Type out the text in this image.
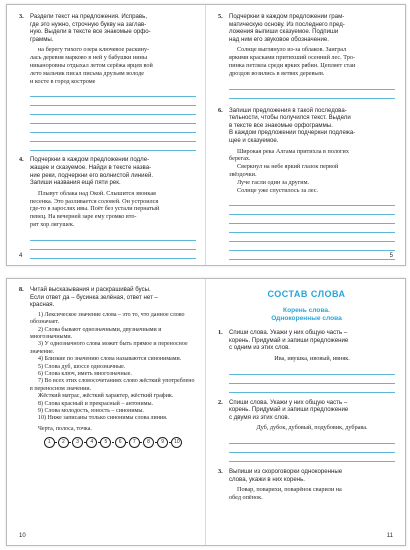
3.	Раздели текст на предложения. Исправь,
где это нужно, строчную букву на заглав-
ную. Выдели в тексте все знакомые орфо-
граммы.
на берегу тихого озера ключевое раскину-
лась деревня марково в ней у бабушки нины
никаноровны отдыхал летом серёжа ярцев вой
лето мальчик писал письма друзьям володе
и косте в город костроме
4.	Подчеркни в каждом предложении подле-
жащее и сказуемое. Найди в тексте назва-
ние реки, подчеркни его волнистой линией.
Запиши названия ещё пяти рек.
Плывут облака над Окой. Слышится звонкая
песенка. Это разливается соловей. Он устроился
где-то в зарослях ивы. Поёт без устали пернатый
певец. На вечерней заре ему громко вто-
рят хор лягушек.
4
5.	Подчеркни в каждом предложении грам-
матическую основу. Из последнего пред-
ложения выпиши сказуемое. Подпиши
над ним его звуковое обозначение.
Солнце выглянуло из-за облаков. Заиграл
яркими красками притихший осенний лес. Тро-
пинка петляла среди ярких рябин. Цепляет стаи
дроздов возились в ветвях деревьев.
6.	Запиши предложения в такой последова-
тельности, чтобы получился текст. Выдели
в тексте все знакомые орфограммы.
В каждом предложении подчеркни подлежа-
щее и сказуемое.
Широкая река Алгама притихла в пологих
берегах.
Сверкнул на небе яркий глазок первой
звёздочки.
Луче гасли один за другим.
Солнце уже спустилось за лес.
5
8.	Читай высказывания и раскрашивай бусы.
Если ответ да – бусинка зелёная, ответ нет –
красная.
1) Лексическое значение слова – это то, что данное слово обозначает.
2) Слова бывают однозначными, двузначными и многозначными.
3) У однозначного слова может быть прямое и переносное значение.
4) Близкие по значению слова называются синонимами.
5) Слова дуб, шоссе однозначные.
6) Слова ключ, иметь многозначные.
7) Во всех этих словосочетаниях слово жёсткий употреблено в переносном значении.
Жёсткий матрас, жёсткий характер, жёсткий график.
8) Слова красный и прекрасный – антонимы.
9) Слова молодость, юность – синонимы.
10) Ниже записаны только синонимы слова линия.
Черта, полоса, точка.
1	2	3	4	5	6	7	8	9	10
10
СОСТАВ СЛОВА
Корень слова.
Однокоренные слова
1.	Спиши слова. Укажи у них общую часть –
корень. Придумай и запиши предложение
с одним из этих слов.
Ива, ивушка, ивовый, ивняк.
2.	Спиши слова. Укажи у них общую часть –
корень. Придумай и запиши предложение
с двумя из этих слов.
Дуб, дубок, дубовый, подубовик, дубрава.
3.	Выпиши из скороговорки однокоренные
слова, укажи в них корень.
Повар, поварихи, поварёнок сварили на
обед опёнок.
11
